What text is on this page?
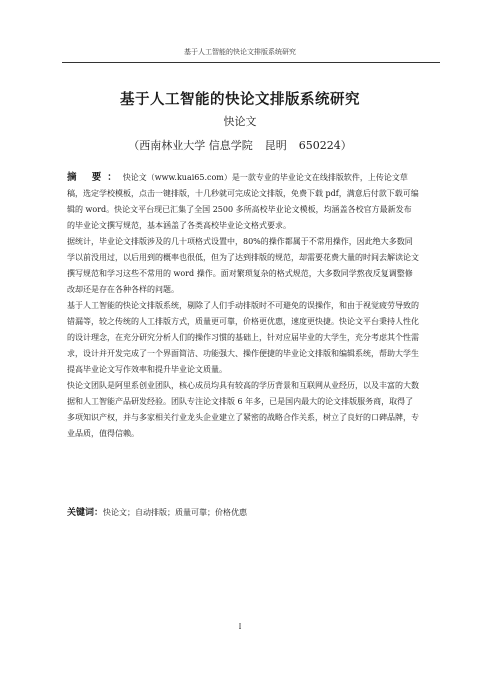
基于人工智能的快论文排版系统研究
基于人工智能的快论文排版系统研究
快论文
（西南林业大学 信息学院 昆明 650224）

摘 要：快论文（www.kuai65.com）是一款专业的毕业论文在线排版软件，上传论文草稿，选定学校模板，点击一键排版，十几秒就可完成论文排版，免费下载 pdf，满意后付款下载可编辑的 word。快论文平台现已汇集了全国 2500 多所高校毕业论文模板，均涵盖各校官方最新发布的毕业论文撰写规范，基本涵盖了各类高校毕业论文格式要求。

据统计，毕业论文排版涉及的几十项格式设置中，80%的操作都属于不常用操作，因此绝大多数同学以前没用过，以后用到的概率也很低，但为了达到排版的规范，却需要花费大量的时间去解读论文撰写规范和学习这些不常用的 word 操作。面对繁琐复杂的格式规范，大多数同学熬夜反复调整修改却还是存在各种各样的问题。

基于人工智能的快论文排版系统，剔除了人们手动排版时不可避免的误操作，和由于视觉疲劳导致的错漏等，较之传统的人工排版方式，质量更可靠，价格更优惠，速度更快捷。快论文平台秉持人性化的设计理念，在充分研究分析人们的操作习惯的基础上，针对应届毕业的大学生，充分考虑其个性需求，设计并开发完成了一个界面简洁、功能强大、操作便捷的毕业论文排版和编辑系统，帮助大学生提高毕业论文写作效率和提升毕业论文质量。

快论文团队是阿里系创业团队，核心成员均具有较高的学历背景和互联网从业经历，以及丰富的大数据和人工智能产品研发经验。团队专注论文排版 6 年多，已是国内最大的论文排版服务商，取得了多项知识产权，并与多家相关行业龙头企业建立了紧密的战略合作关系，树立了良好的口碑品牌，专业品质，值得信赖。

关键词：快论文；自动排版；质量可靠；价格优惠
I
